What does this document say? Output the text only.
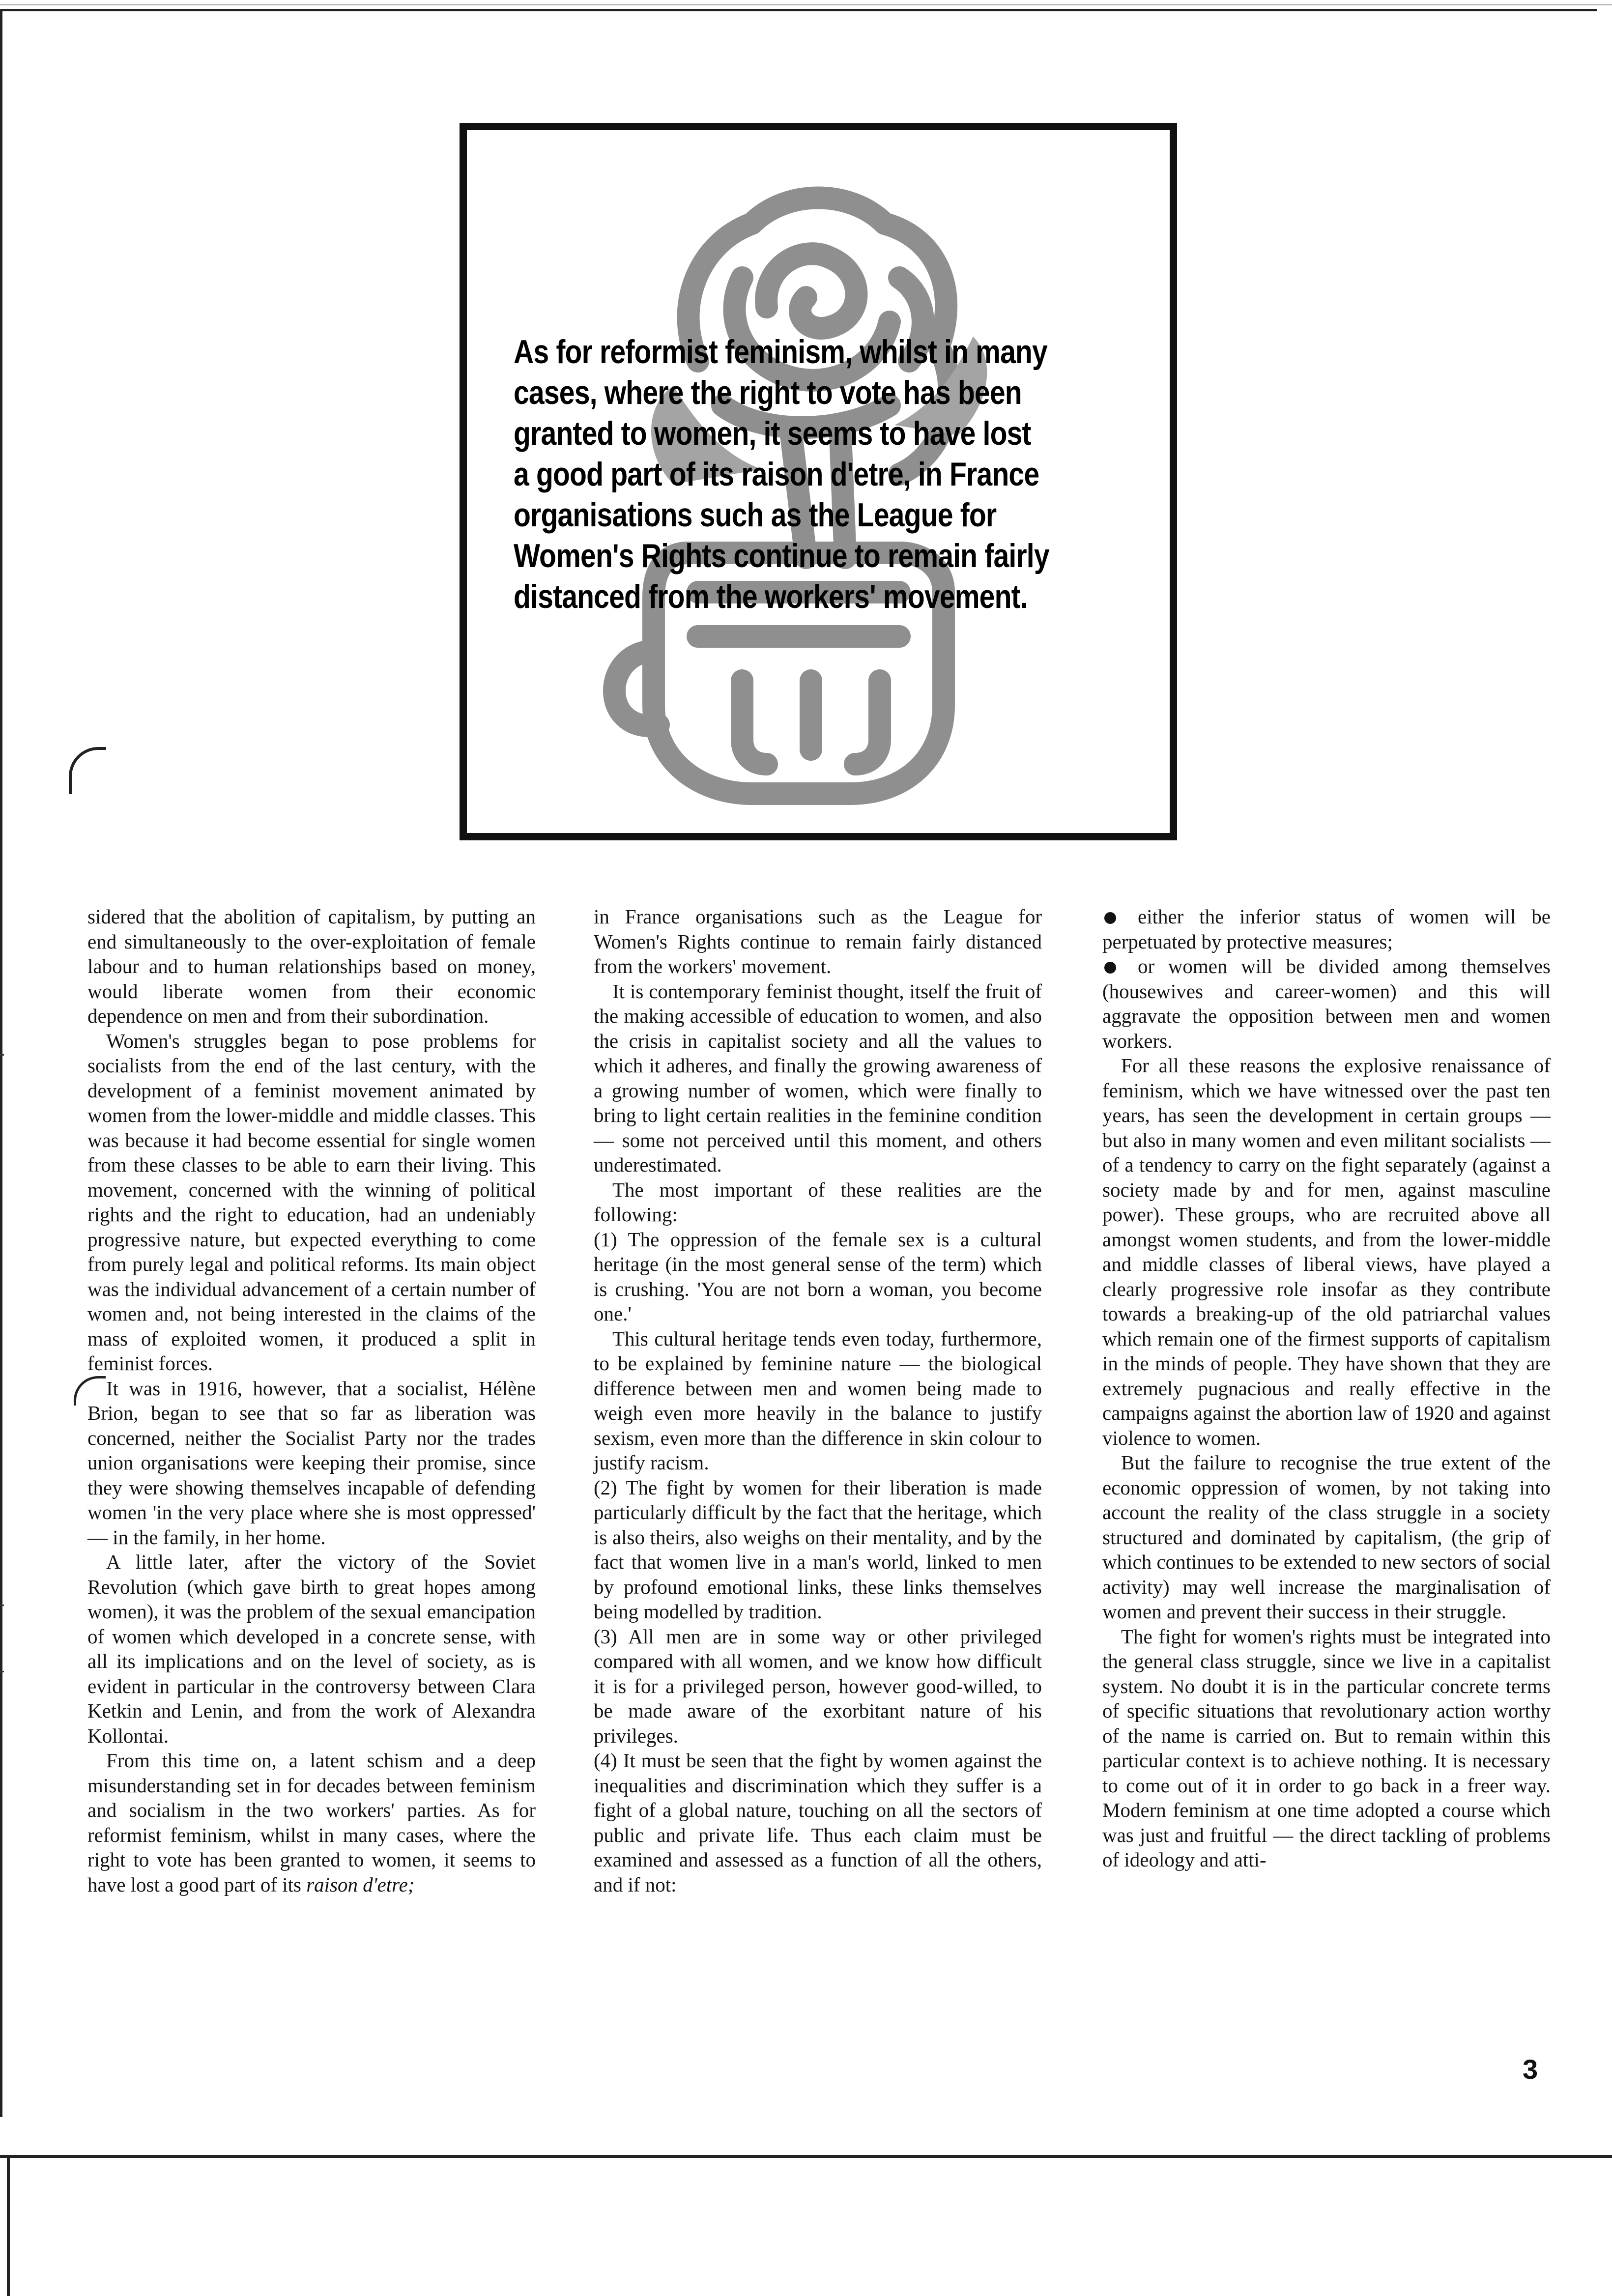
As for reformist feminism, whilst in many
cases, where the right to vote has been
granted to women, it seems to have lost
a good part of its raison d'etre, in France
organisations such as the League for
Women's Rights continue to remain fairly
distanced from the workers' movement.

sidered that the abolition of capitalism, by putting an end simultaneously to the over-exploitation of female labour and to human relationships based on money, would liberate women from their economic dependence on men and from their subordination.

Women's struggles began to pose problems for socialists from the end of the last century, with the development of a feminist movement animated by women from the lower-middle and middle classes. This was because it had become essential for single women from these classes to be able to earn their living. This movement, concerned with the winning of political rights and the right to education, had an undeniably progressive nature, but expected everything to come from purely legal and political reforms. Its main object was the individual advancement of a certain number of women and, not being interested in the claims of the mass of exploited women, it produced a split in feminist forces.

It was in 1916, however, that a socialist, Hélène Brion, began to see that so far as liberation was concerned, neither the Socialist Party nor the trades union organisations were keeping their promise, since they were showing themselves incapable of defending women 'in the very place where she is most oppressed' — in the family, in her home.

A little later, after the victory of the Soviet Revolution (which gave birth to great hopes among women), it was the problem of the sexual emancipation of women which developed in a concrete sense, with all its implications and on the level of society, as is evident in particular in the controversy between Clara Ketkin and Lenin, and from the work of Alexandra Kollontai.

From this time on, a latent schism and a deep misunderstanding set in for decades between feminism and socialism in the two workers' parties. As for reformist feminism, whilst in many cases, where the right to vote has been granted to women, it seems to have lost a good part of its raison d'etre;

in France organisations such as the League for Women's Rights continue to remain fairly distanced from the workers' movement.

It is contemporary feminist thought, itself the fruit of the making accessible of education to women, and also the crisis in capitalist society and all the values to which it adheres, and finally the growing awareness of a growing number of women, which were finally to bring to light certain realities in the feminine condition — some not perceived until this moment, and others underestimated.

The most important of these realities are the following:

(1) The oppression of the female sex is a cultural heritage (in the most general sense of the term) which is crushing. 'You are not born a woman, you become one.'

This cultural heritage tends even today, furthermore, to be explained by feminine nature — the biological difference between men and women being made to weigh even more heavily in the balance to justify sexism, even more than the difference in skin colour to justify racism.

(2) The fight by women for their liberation is made particularly difficult by the fact that the heritage, which is also theirs, also weighs on their mentality, and by the fact that women live in a man's world, linked to men by profound emotional links, these links themselves being modelled by tradition.

(3) All men are in some way or other privileged compared with all women, and we know how difficult it is for a privileged person, however good-willed, to be made aware of the exorbitant nature of his privileges.

(4) It must be seen that the fight by women against the inequalities and discrimination which they suffer is a fight of a global nature, touching on all the sectors of public and private life. Thus each claim must be examined and assessed as a function of all the others, and if not:

either the inferior status of women will be perpetuated by protective measures;

or women will be divided among themselves (housewives and career-women) and this will aggravate the opposition between men and women workers.

For all these reasons the explosive renaissance of feminism, which we have witnessed over the past ten years, has seen the development in certain groups — but also in many women and even militant socialists — of a tendency to carry on the fight separately (against a society made by and for men, against masculine power). These groups, who are recruited above all amongst women students, and from the lower-middle and middle classes of liberal views, have played a clearly progressive role insofar as they contribute towards a breaking-up of the old patriarchal values which remain one of the firmest supports of capitalism in the minds of people. They have shown that they are extremely pugnacious and really effective in the campaigns against the abortion law of 1920 and against violence to women.

But the failure to recognise the true extent of the economic oppression of women, by not taking into account the reality of the class struggle in a society structured and dominated by capitalism, (the grip of which continues to be extended to new sectors of social activity) may well increase the marginalisation of women and prevent their success in their struggle.

The fight for women's rights must be integrated into the general class struggle, since we live in a capitalist system. No doubt it is in the particular concrete terms of specific situations that revolutionary action worthy of the name is carried on. But to remain within this particular context is to achieve nothing. It is necessary to come out of it in order to go back in a freer way. Modern feminism at one time adopted a course which was just and fruitful — the direct tackling of problems of ideology and atti-

3
